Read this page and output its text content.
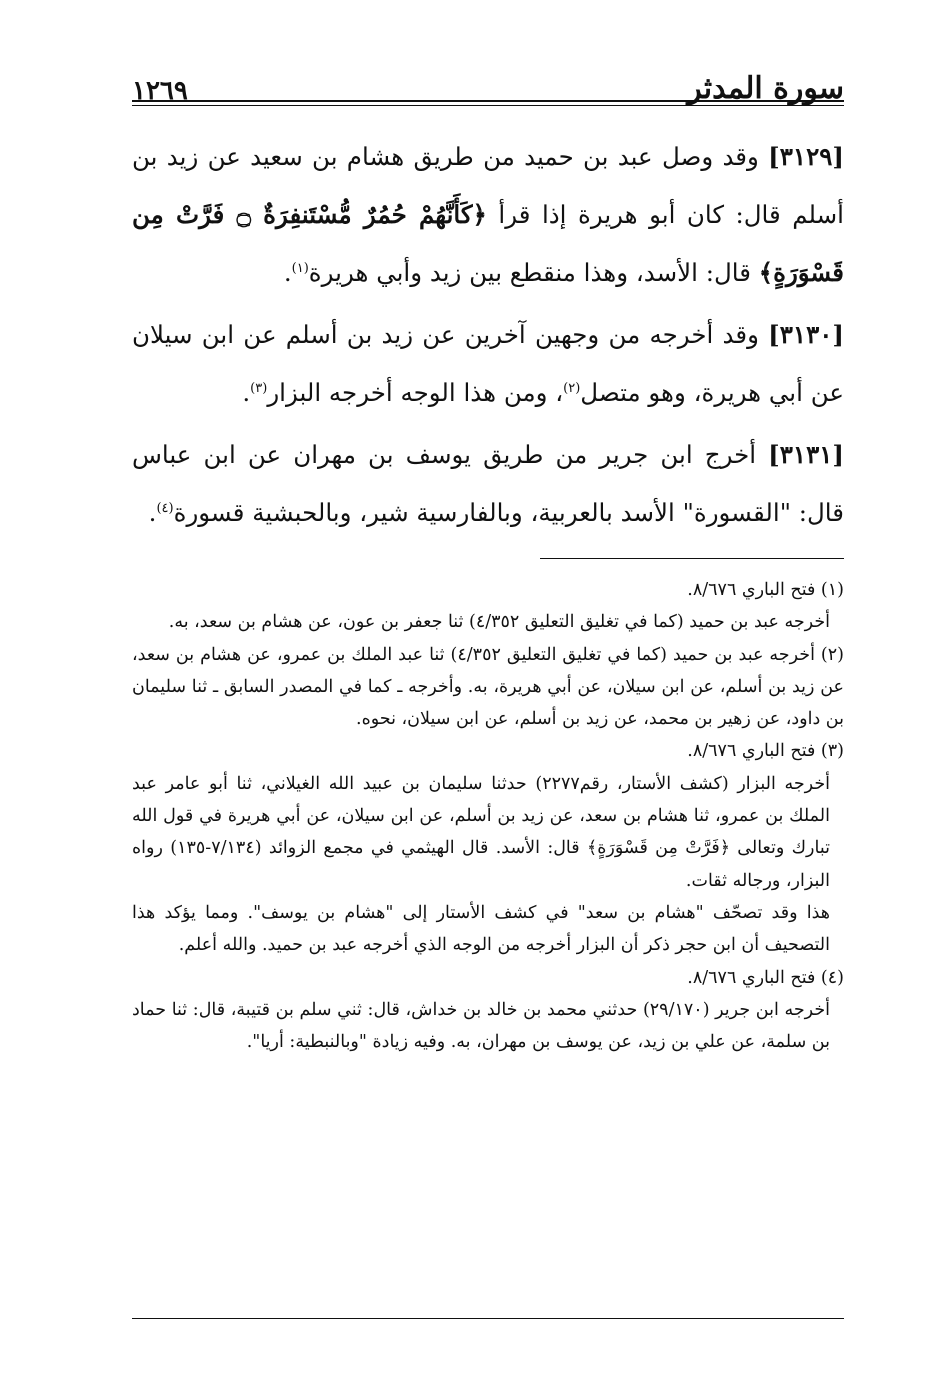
سورة المدثر
١٢٦٩

[٣١٢٩] وقد وصل عبد بن حميد من طريق هشام بن سعيد عن زيد بن أسلم قال: كان أبو هريرة إذا قرأ ﴿كَأَنَّهُمْ حُمُرٌ مُّسْتَنفِرَةٌ ۝ فَرَّتْ مِن قَسْوَرَةٍ﴾ قال: الأسد، وهذا منقطع بين زيد وأبي هريرة$^{(١)}$.

[٣١٣٠] وقد أخرجه من وجهين آخرين عن زيد بن أسلم عن ابن سيلان عن أبي هريرة، وهو متصل$^{(٢)}$، ومن هذا الوجه أخرجه البزار$^{(٣)}$.

[٣١٣١] أخرج ابن جرير من طريق يوسف بن مهران عن ابن عباس قال: "القسورة" الأسد بالعربية، وبالفارسية شير، وبالحبشية قسورة$^{(٤)}$.

(١) فتح الباري ٨/٦٧٦.

أخرجه عبد بن حميد (كما في تغليق التعليق ٤/٣٥٢) ثنا جعفر بن عون، عن هشام بن سعد، به.

(٢) أخرجه عبد بن حميد (كما في تغليق التعليق ٤/٣٥٢) ثنا عبد الملك بن عمرو، عن هشام بن سعد، عن زيد بن أسلم، عن ابن سيلان، عن أبي هريرة، به. وأخرجه ـ كما في المصدر السابق ـ ثنا سليمان بن داود، عن زهير بن محمد، عن زيد بن أسلم، عن ابن سيلان، نحوه.

(٣) فتح الباري ٨/٦٧٦.

أخرجه البزار (كشف الأستار، رقم٢٢٧٧) حدثنا سليمان بن عبيد الله الغيلاني، ثنا أبو عامر عبد الملك بن عمرو، ثنا هشام بن سعد، عن زيد بن أسلم، عن ابن سيلان، عن أبي هريرة في قول الله تبارك وتعالى ﴿فَرَّتْ مِن قَسْوَرَةٍ﴾ قال: الأسد. قال الهيثمي في مجمع الزوائد (٧/١٣٤-١٣٥) رواه البزار، ورجاله ثقات.

هذا وقد تصحّف "هشام بن سعد" في كشف الأستار إلى "هشام بن يوسف". ومما يؤكد هذا التصحيف أن ابن حجر ذكر أن البزار أخرجه من الوجه الذي أخرجه عبد بن حميد. والله أعلم.

(٤) فتح الباري ٨/٦٧٦.

أخرجه ابن جرير (٢٩/١٧٠) حدثني محمد بن خالد بن خداش، قال: ثني سلم بن قتيبة، قال: ثنا حماد بن سلمة، عن علي بن زيد، عن يوسف بن مهران، به. وفيه زيادة "وبالنبطية: أريا".
